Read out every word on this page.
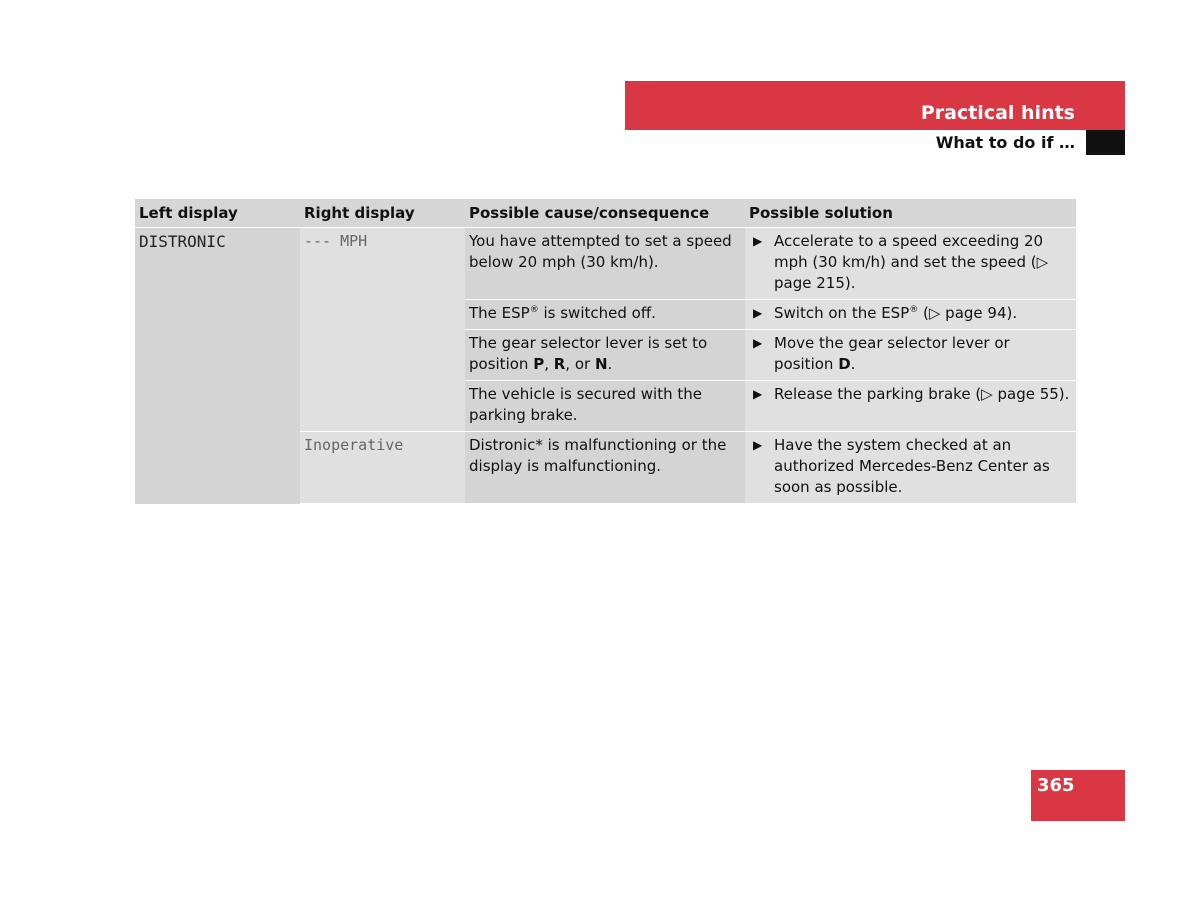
Practical hints
What to do if …
Left display	Right display	Possible cause/consequence	Possible solution
DISTRONIC	--- MPH	You have attempted to set a speed below 20 mph (30 km/h).	▶ Accelerate to a speed exceeding 20 mph (30 km/h) and set the speed (▷ page 215).

		The ESP® is switched off.	▶ Switch on the ESP® (▷ page 94).

		The gear selector lever is set to position P, R, or N.	▶ Move the gear selector lever or position D.

		The vehicle is secured with the parking brake.	▶ Release the parking brake (▷ page 55).

	Inoperative	Distronic* is malfunctioning or the display is malfunctioning.	▶ Have the system checked at an authorized Mercedes-Benz Center as soon as possible.
365
